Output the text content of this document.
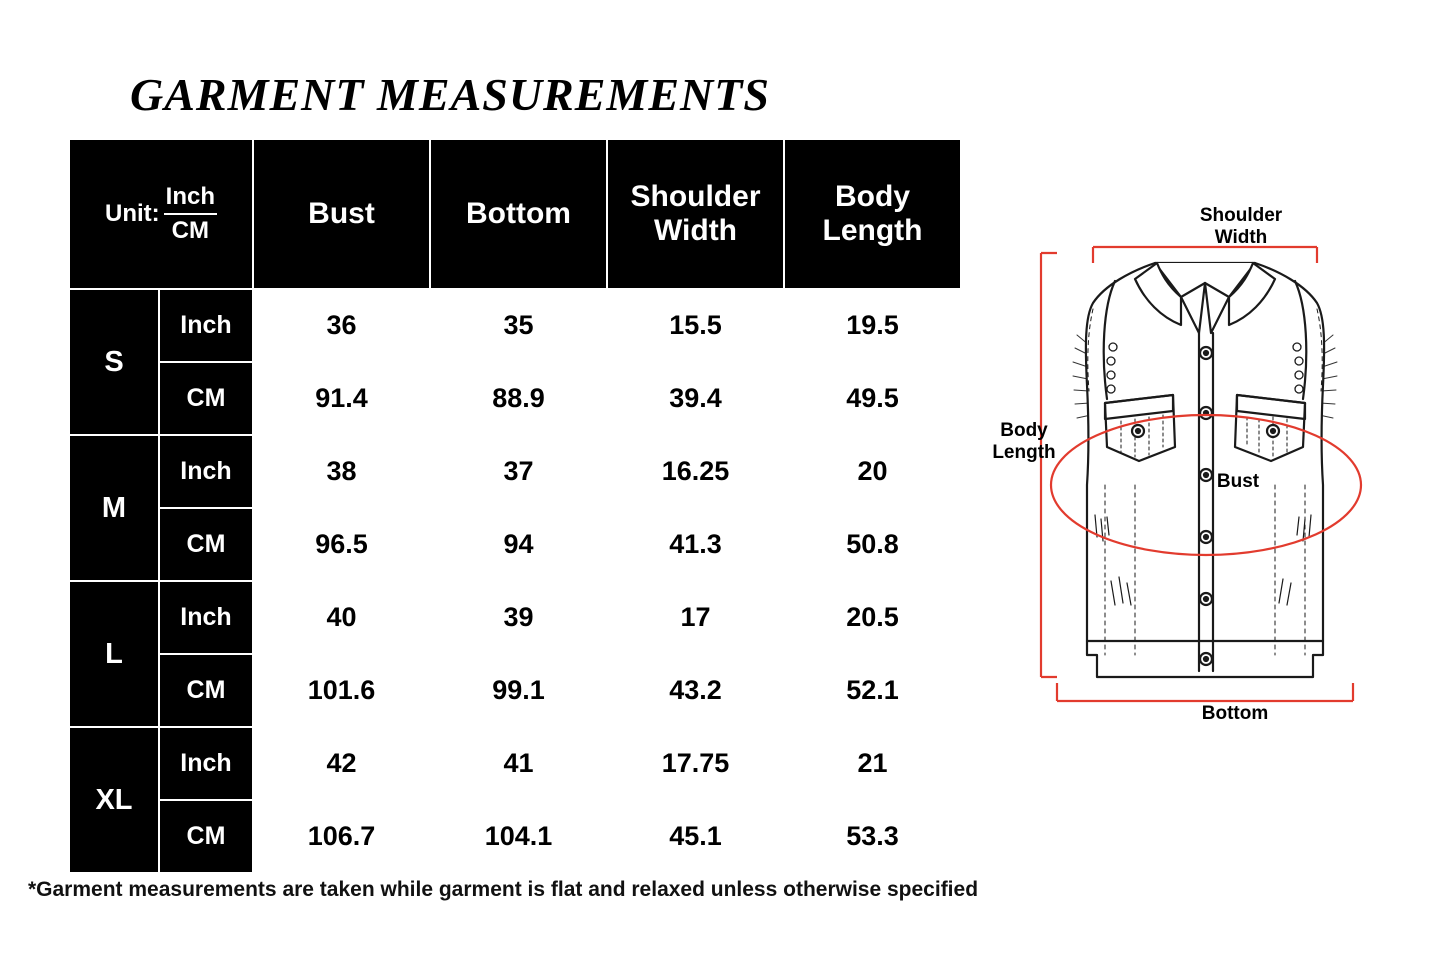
GARMENT MEASUREMENTS
Unit: $\frac{\text{Inch}}{CM}$		Bust	Bottom	Shoulder Width	Body Length
S	Inch	36	35	15.5	19.5
	CM	91.4	88.9	39.4	49.5
M	Inch	38	37	16.25	20
	CM	96.5	94	41.3	50.8
L	Inch	40	39	17	20.5
	CM	101.6	99.1	43.2	52.1
XL	Inch	42	41	17.75	21
	CM	106.7	104.1	45.1	53.3
*Garment measurements are taken while garment is flat and relaxed unless otherwise specified
Shoulder Width
Body Length
Bust
Bottom
